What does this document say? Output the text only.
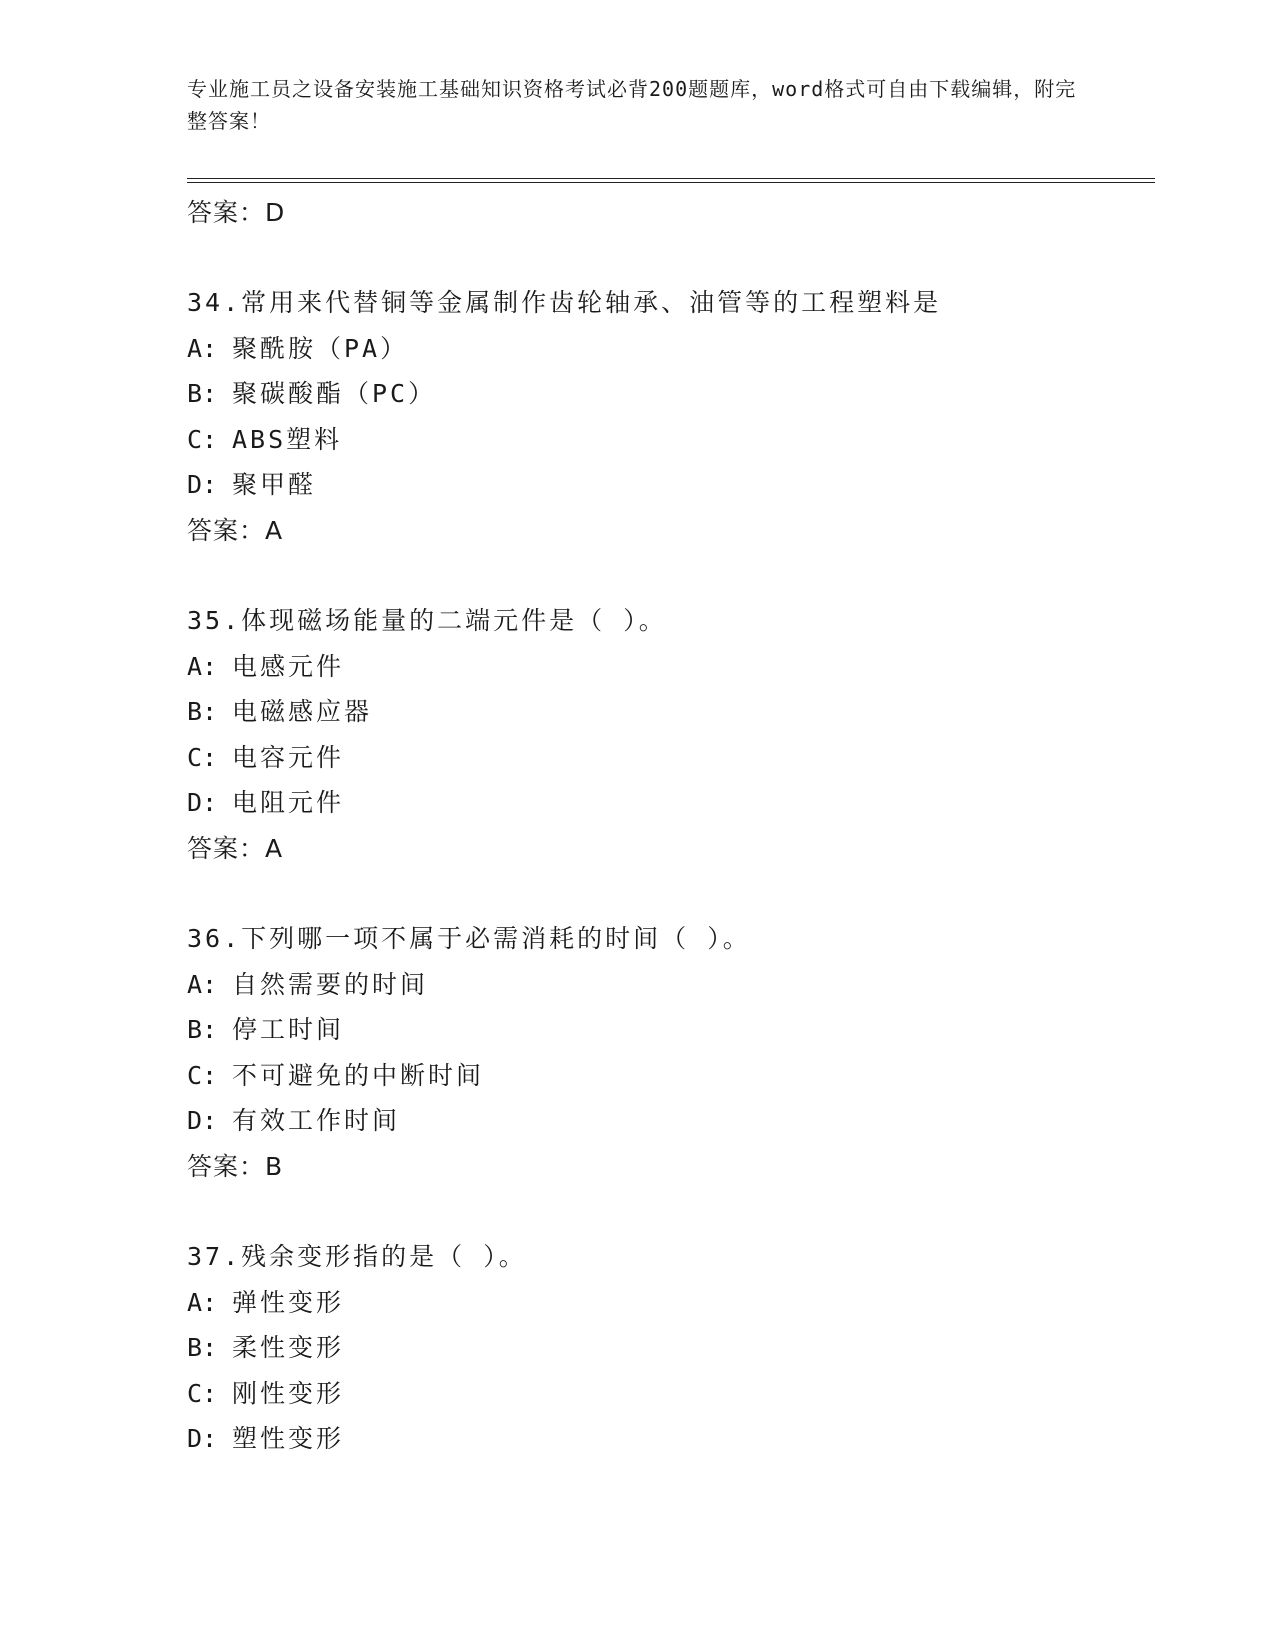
专业施工员之设备安装施工基础知识资格考试必背200题题库，word格式可自由下载编辑，附完整答案！
答案：D
34.常用来代替铜等金属制作齿轮轴承、油管等的工程塑料是
A: 聚酰胺（PA）
B: 聚碳酸酯（PC）
C: ABS塑料
D: 聚甲醛
答案：A
35.体现磁场能量的二端元件是（ ）。
A: 电感元件
B: 电磁感应器
C: 电容元件
D: 电阻元件
答案：A
36.下列哪一项不属于必需消耗的时间（ ）。
A: 自然需要的时间
B: 停工时间
C: 不可避免的中断时间
D: 有效工作时间
答案：B
37.残余变形指的是（ ）。
A: 弹性变形
B: 柔性变形
C: 刚性变形
D: 塑性变形
